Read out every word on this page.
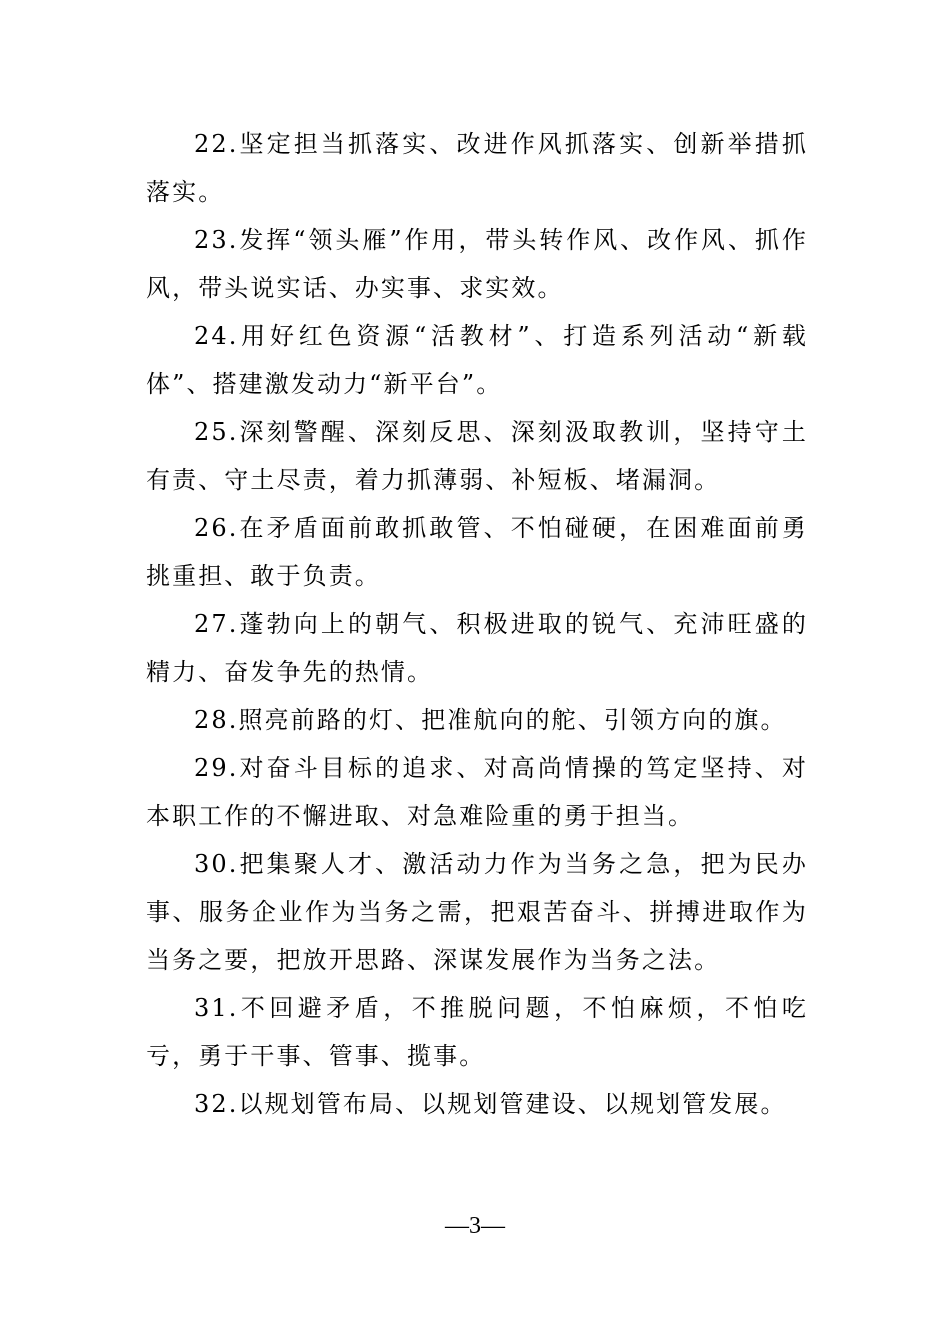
22.坚定担当抓落实、改进作风抓落实、创新举措抓落实。

23.发挥“领头雁”作用，带头转作风、改作风、抓作风，带头说实话、办实事、求实效。

24.用好红色资源“活教材”、打造系列活动“新载体”、搭建激发动力“新平台”。

25.深刻警醒、深刻反思、深刻汲取教训，坚持守土有责、守土尽责，着力抓薄弱、补短板、堵漏洞。

26.在矛盾面前敢抓敢管、不怕碰硬，在困难面前勇挑重担、敢于负责。

27.蓬勃向上的朝气、积极进取的锐气、充沛旺盛的精力、奋发争先的热情。

28.照亮前路的灯、把准航向的舵、引领方向的旗。

29.对奋斗目标的追求、对高尚情操的笃定坚持、对本职工作的不懈进取、对急难险重的勇于担当。

30.把集聚人才、激活动力作为当务之急，把为民办事、服务企业作为当务之需，把艰苦奋斗、拼搏进取作为当务之要，把放开思路、深谋发展作为当务之法。

31.不回避矛盾，不推脱问题，不怕麻烦，不怕吃亏，勇于干事、管事、揽事。

32.以规划管布局、以规划管建设、以规划管发展。

—3—
